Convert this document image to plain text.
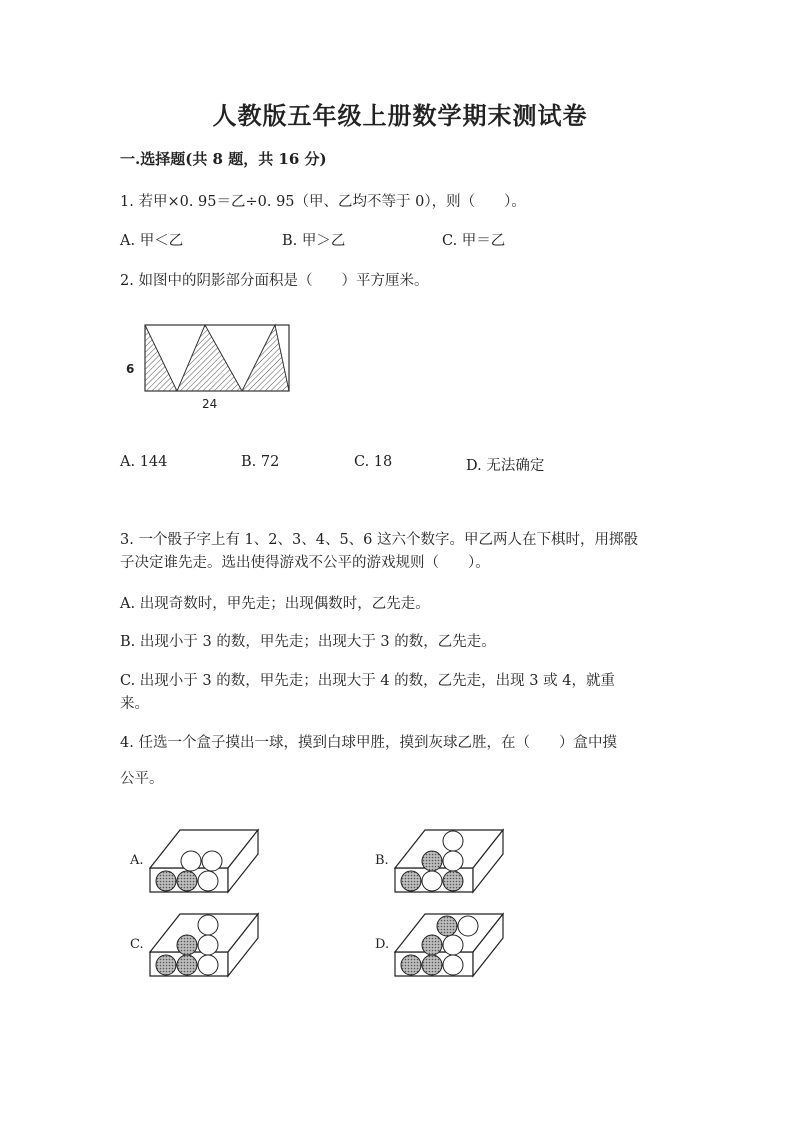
人教版五年级上册数学期末测试卷
一.选择题(共 8 题，共 16 分)
1. 若甲×0. 95＝乙÷0. 95（甲、乙均不等于 0），则（　　）。
A. 甲＜乙	B. 甲＞乙	C. 甲＝乙
2. 如图中的阴影部分面积是（　　）平方厘米。
6
24
A. 144	B. 72	C. 18	D. 无法确定
3. 一个骰子字上有 1、2、3、4、5、6 这六个数字。甲乙两人在下棋时，用掷骰
子决定谁先走。选出使得游戏不公平的游戏规则（　　）。
A. 出现奇数时，甲先走；出现偶数时，乙先走。
B. 出现小于 3 的数，甲先走；出现大于 3 的数，乙先走。
C. 出现小于 3 的数，甲先走；出现大于 4 的数，乙先走，出现 3 或 4，就重
来。
4. 任选一个盒子摸出一球，摸到白球甲胜，摸到灰球乙胜，在（　　）盒中摸
公平。
A.	B.
C.	D.
